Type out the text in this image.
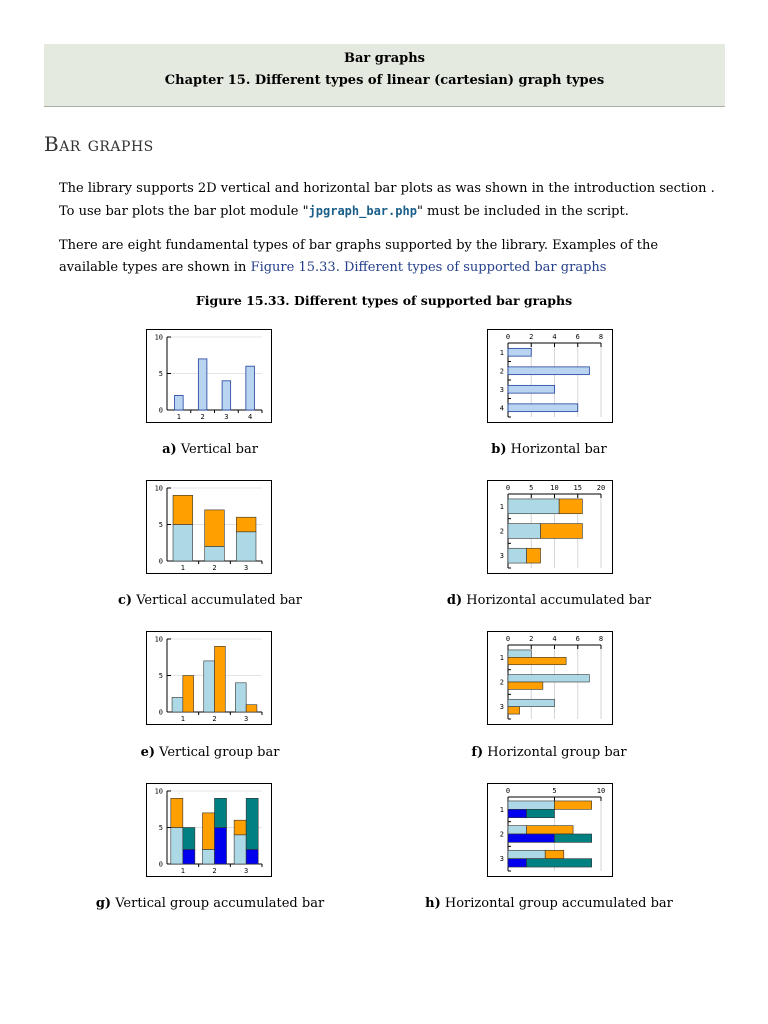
Bar graphs
Chapter 15. Different types of linear (cartesian) graph types
Bar graphs
The library supports 2D vertical and horizontal bar plots as was shown in the introduction section . To use bar plots the bar plot module "jpgraph_bar.php" must be included in the script.
There are eight fundamental types of bar graphs supported by the library. Examples of the available types are shown in Figure 15.33. Different types of supported bar graphs
Figure 15.33. Different types of supported bar graphs
0
5
10
1	2	3	4
0	2	4	6	8
1
2
3
4
0
5
10
1	2	3
0	5 10 15 20
1
2
3
0
5
10
1	2	3
0	2	4	6	8
1
2
3
0
5
10
1	2	3
0	5	10
1
2
3
a) Vertical bar	b) Horizontal bar
c) Vertical accumulated bar	d) Horizontal accumulated bar
e) Vertical group bar	f) Horizontal group bar
g) Vertical group accumulated bar	h) Horizontal group accumulated bar
